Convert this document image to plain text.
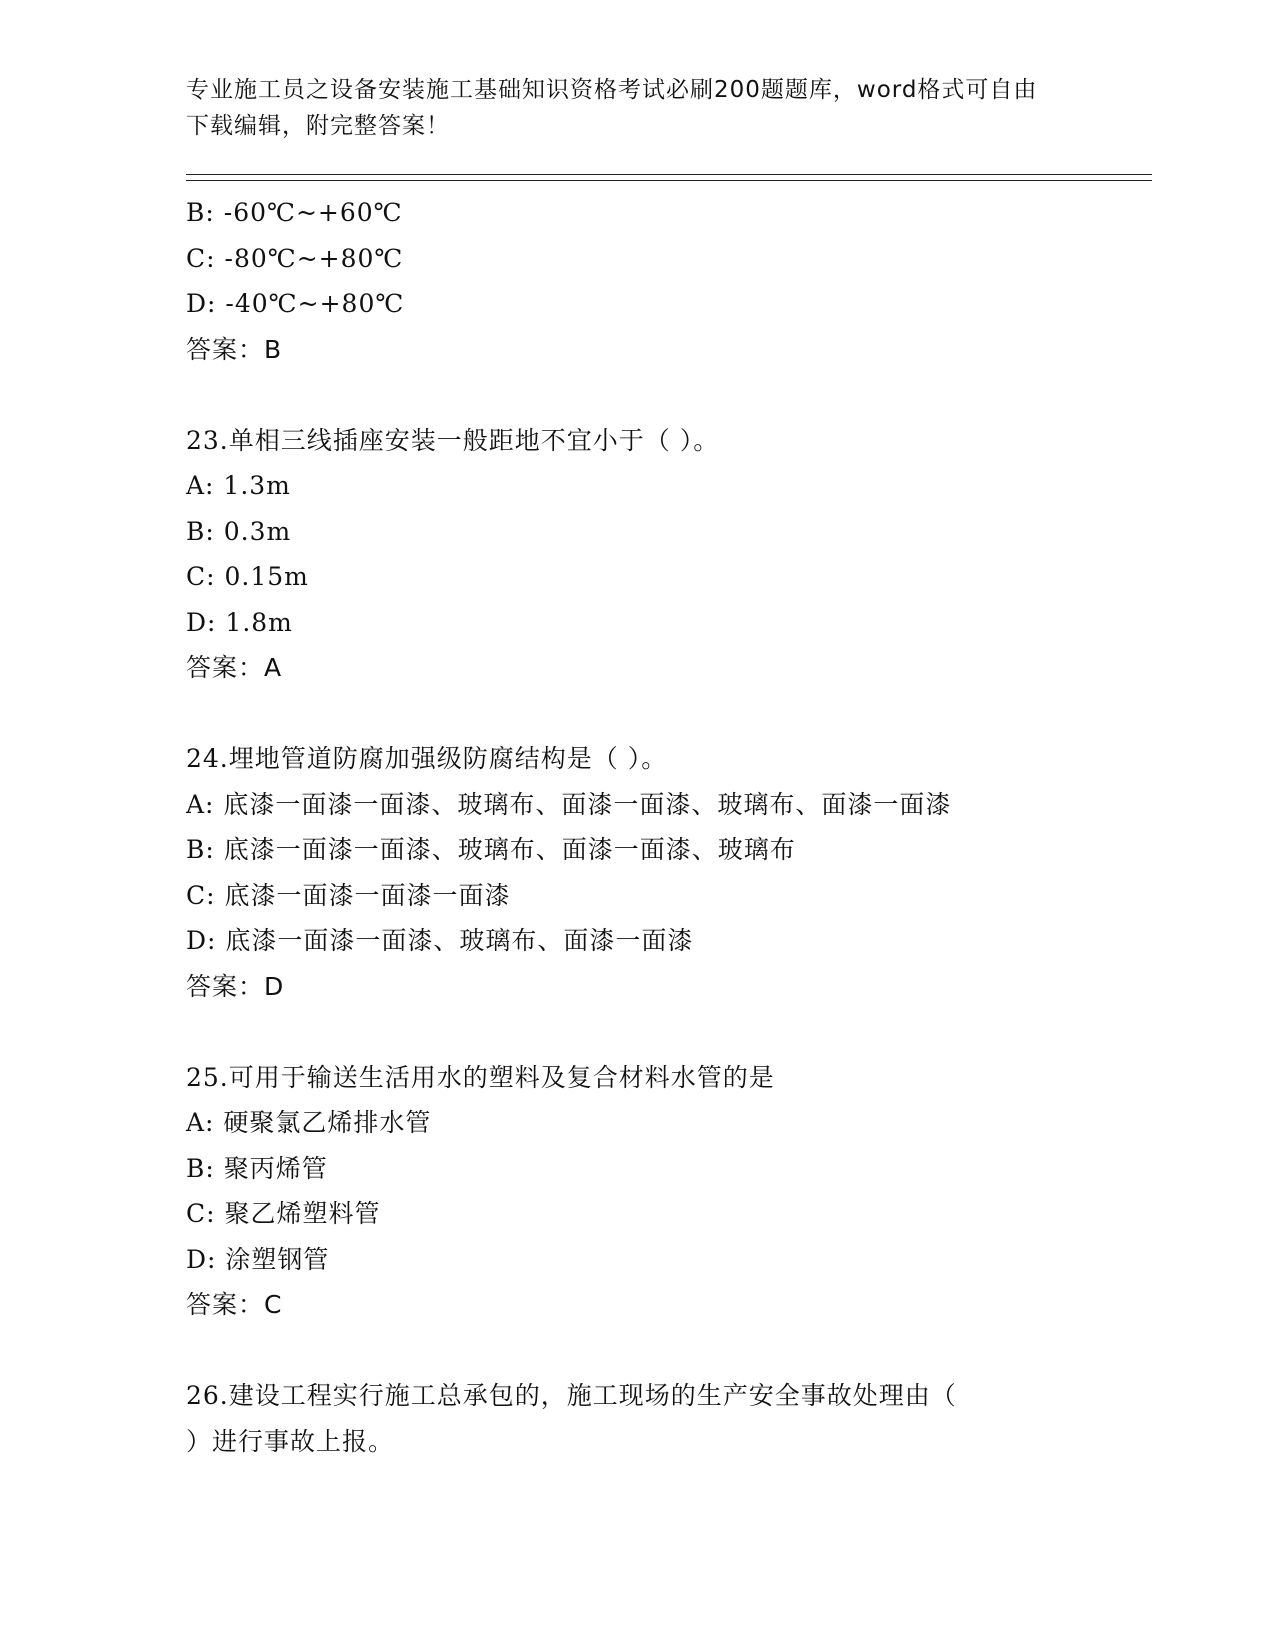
专业施工员之设备安装施工基础知识资格考试必刷200题题库，word格式可自由
下载编辑，附完整答案！
B: -60℃~+60℃
C: -80℃~+80℃
D: -40℃~+80℃
答案：B
23.单相三线插座安装一般距地不宜小于（ ）。
A: 1.3m
B: 0.3m
C: 0.15m
D: 1.8m
答案：A
24.埋地管道防腐加强级防腐结构是（ ）。
A: 底漆一面漆一面漆、玻璃布、面漆一面漆、玻璃布、面漆一面漆
B: 底漆一面漆一面漆、玻璃布、面漆一面漆、玻璃布
C: 底漆一面漆一面漆一面漆
D: 底漆一面漆一面漆、玻璃布、面漆一面漆
答案：D
25.可用于输送生活用水的塑料及复合材料水管的是
A: 硬聚氯乙烯排水管
B: 聚丙烯管
C: 聚乙烯塑料管
D: 涂塑钢管
答案：C
26.建设工程实行施工总承包的，施工现场的生产安全事故处理由（
）进行事故上报。
